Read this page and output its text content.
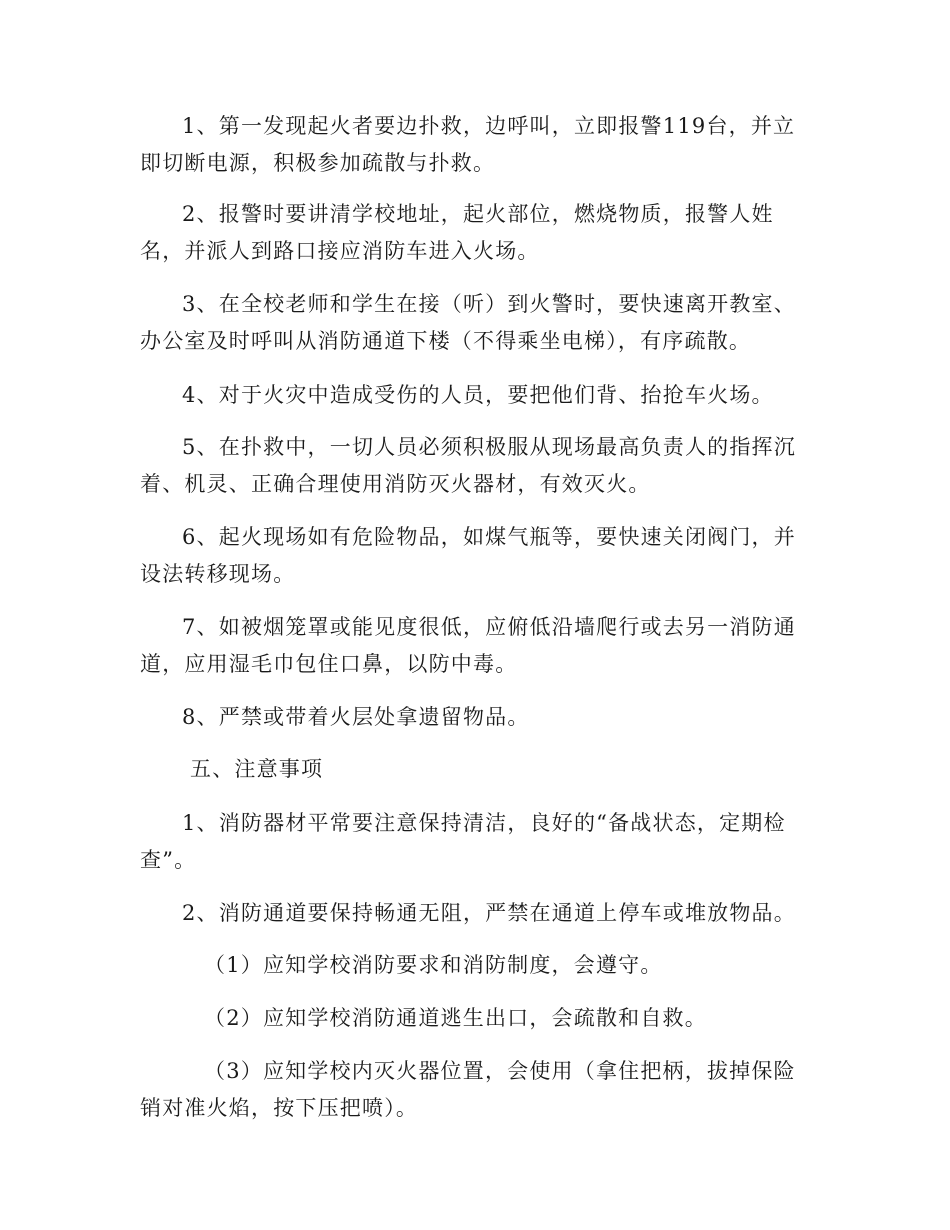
1、第一发现起火者要边扑救，边呼叫，立即报警119台，并立即切断电源，积极参加疏散与扑救。

2、报警时要讲清学校地址，起火部位，燃烧物质，报警人姓名，并派人到路口接应消防车进入火场。

3、在全校老师和学生在接（听）到火警时，要快速离开教室、办公室及时呼叫从消防通道下楼（不得乘坐电梯），有序疏散。

4、对于火灾中造成受伤的人员，要把他们背、抬抢车火场。

5、在扑救中，一切人员必须积极服从现场最高负责人的指挥沉着、机灵、正确合理使用消防灭火器材，有效灭火。

6、起火现场如有危险物品，如煤气瓶等，要快速关闭阀门，并设法转移现场。

7、如被烟笼罩或能见度很低，应俯低沿墙爬行或去另一消防通道，应用湿毛巾包住口鼻，以防中毒。

8、严禁或带着火层处拿遗留物品。

五、注意事项

1、消防器材平常要注意保持清洁，良好的“备战状态，定期检查”。

2、消防通道要保持畅通无阻，严禁在通道上停车或堆放物品。

（1）应知学校消防要求和消防制度，会遵守。

（2）应知学校消防通道逃生出口，会疏散和自救。

（3）应知学校内灭火器位置，会使用（拿住把柄，拔掉保险销对准火焰，按下压把喷）。
